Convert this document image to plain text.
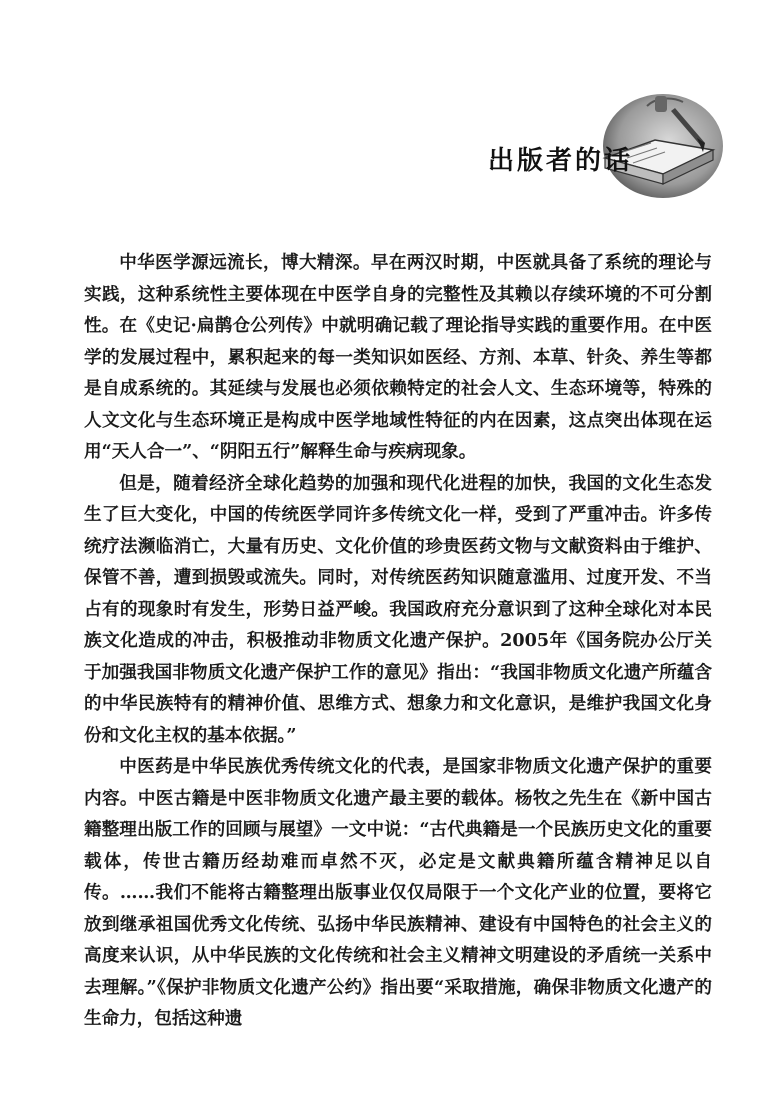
出版者的话

中华医学源远流长，博大精深。早在两汉时期，中医就具备了系统的理论与实践，这种系统性主要体现在中医学自身的完整性及其赖以存续环境的不可分割性。在《史记·扁鹊仓公列传》中就明确记载了理论指导实践的重要作用。在中医学的发展过程中，累积起来的每一类知识如医经、方剂、本草、针灸、养生等都是自成系统的。其延续与发展也必须依赖特定的社会人文、生态环境等，特殊的人文文化与生态环境正是构成中医学地域性特征的内在因素，这点突出体现在运用“天人合一”、“阴阳五行”解释生命与疾病现象。

但是，随着经济全球化趋势的加强和现代化进程的加快，我国的文化生态发生了巨大变化，中国的传统医学同许多传统文化一样，受到了严重冲击。许多传统疗法濒临消亡，大量有历史、文化价值的珍贵医药文物与文献资料由于维护、保管不善，遭到损毁或流失。同时，对传统医药知识随意滥用、过度开发、不当占有的现象时有发生，形势日益严峻。我国政府充分意识到了这种全球化对本民族文化造成的冲击，积极推动非物质文化遗产保护。2005年《国务院办公厅关于加强我国非物质文化遗产保护工作的意见》指出：“我国非物质文化遗产所蕴含的中华民族特有的精神价值、思维方式、想象力和文化意识，是维护我国文化身份和文化主权的基本依据。”

中医药是中华民族优秀传统文化的代表，是国家非物质文化遗产保护的重要内容。中医古籍是中医非物质文化遗产最主要的载体。杨牧之先生在《新中国古籍整理出版工作的回顾与展望》一文中说：“古代典籍是一个民族历史文化的重要载体，传世古籍历经劫难而卓然不灭，必定是文献典籍所蕴含精神足以自传。……我们不能将古籍整理出版事业仅仅局限于一个文化产业的位置，要将它放到继承祖国优秀文化传统、弘扬中华民族精神、建设有中国特色的社会主义的高度来认识，从中华民族的文化传统和社会主义精神文明建设的矛盾统一关系中去理解。”《保护非物质文化遗产公约》指出要“采取措施，确保非物质文化遗产的生命力，包括这种遗
